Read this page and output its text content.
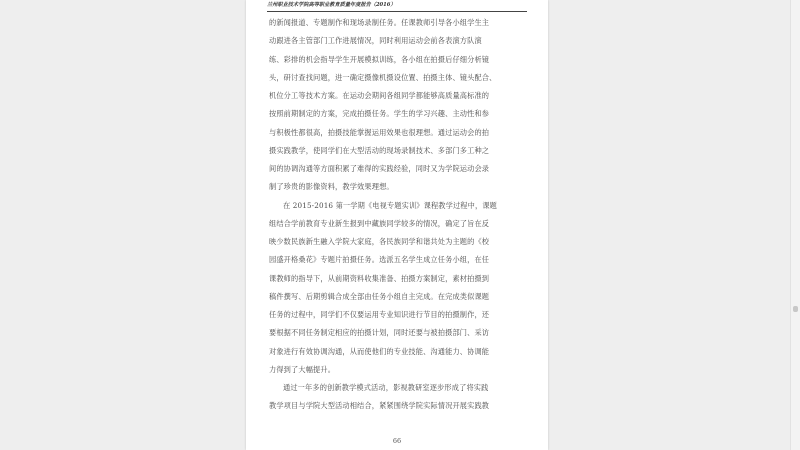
兰州职业技术学院高等职业教育质量年度报告（2016）
的新闻报道、专题制作和现场录制任务。任课教师引导各小组学生主
动跟进各主管部门工作进展情况，同时利用运动会前各表演方队演
练、彩排的机会指导学生开展模拟训练，各小组在拍摄后仔细分析镜
头，研讨查找问题，进一确定摄像机摄设位置、拍摄主体、镜头配合、
机位分工等技术方案。在运动会期间各组同学都能够高质量高标准的
按照前期制定的方案，完成拍摄任务。学生的学习兴趣、主动性和参
与积极性都很高，拍摄技能掌握运用效果也很理想。通过运动会的拍
摄实践教学，使同学们在大型活动的现场录制技术、多部门多工种之
间的协调沟通等方面积累了难得的实践经验，同时又为学院运动会录
制了珍贵的影像资料，教学效果理想。
在 2015-2016 第一学期《电视专题实训》课程教学过程中，课题
组结合学前教育专业新生报到中藏族同学较多的情况，确定了旨在反
映少数民族新生融入学院大家庭，各民族同学和谐共处为主题的《校
园盛开格桑花》专题片拍摄任务。选派五名学生成立任务小组，在任
课教师的指导下，从前期资料收集准备、拍摄方案制定，素材拍摄到
稿件撰写、后期剪辑合成全部由任务小组自主完成。在完成类似课题
任务的过程中，同学们不仅要运用专业知识进行节目的拍摄制作，还
要根据不同任务制定相应的拍摄计划，同时还要与被拍摄部门、采访
对象进行有效协调沟通，从而使他们的专业技能、沟通能力、协调能
力得到了大幅提升。
通过一年多的创新教学模式活动，影视教研室逐步形成了将实践
教学项目与学院大型活动相结合，紧紧围绕学院实际情况开展实践教
66
